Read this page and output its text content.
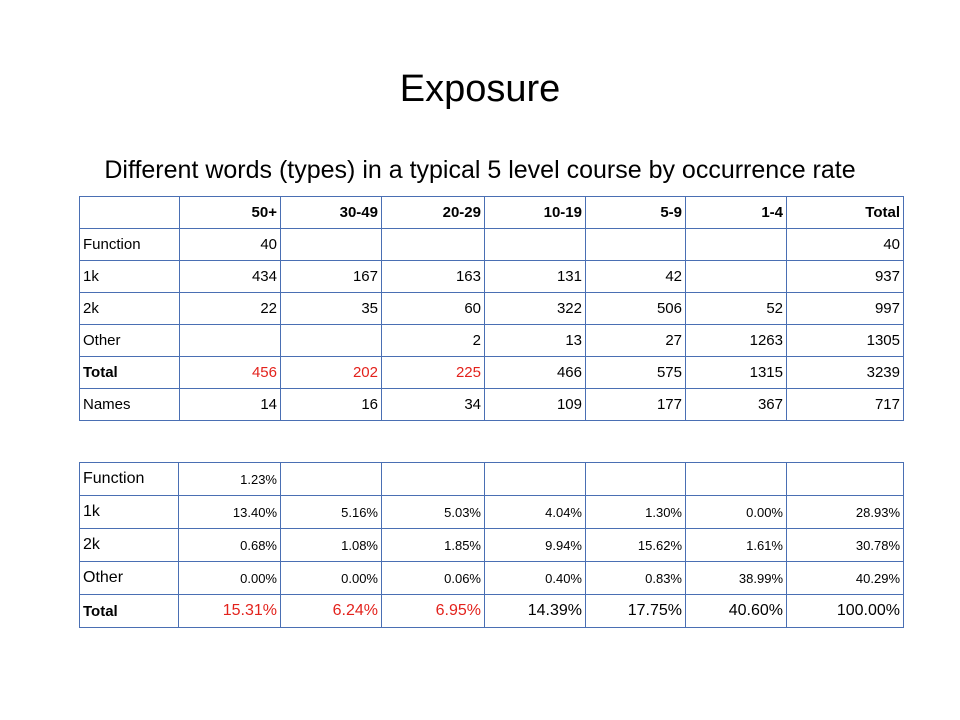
Exposure
Different words (types) in a typical 5 level course by occurrence rate
	50+	30-49	20-29	10-19	5-9	1-4	Total
Function	40						40
1k	434	167	163	131	42		937
2k	22	35	60	322	506	52	997
Other			2	13	27	1263	1305
Total	456	202	225	466	575	1315	3239
Names	14	16	34	109	177	367	717
Function	1.23%						
1k	13.40%	5.16%	5.03%	4.04%	1.30%	0.00%	28.93%
2k	0.68%	1.08%	1.85%	9.94%	15.62%	1.61%	30.78%
Other	0.00%	0.00%	0.06%	0.40%	0.83%	38.99%	40.29%
Total	15.31%	6.24%	6.95%	14.39%	17.75%	40.60%	100.00%
